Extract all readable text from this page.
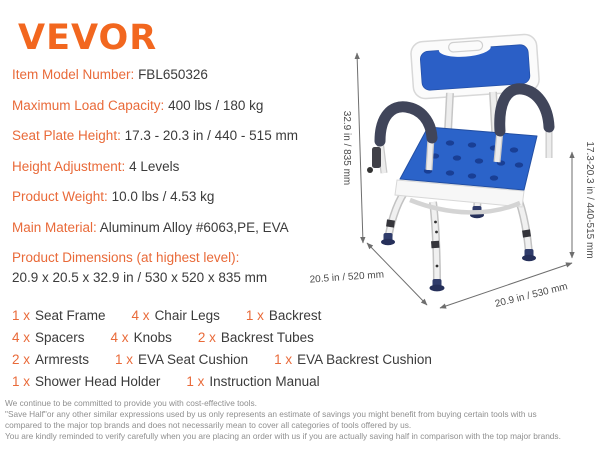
VEVOR
Item Model Number: FBL650326
Maximum Load Capacity: 400 lbs / 180 kg
Seat Plate Height: 17.3 - 20.3 in / 440 - 515 mm
Height Adjustment: 4 Levels
Product Weight: 10.0 lbs / 4.53 kg
Main Material: Aluminum Alloy #6063,PE, EVA
Product Dimensions (at highest level):
20.9 x 20.5 x 32.9 in / 530 x 520 x 835 mm
1 x Seat Frame 4 x Chair Legs 1 x Backrest
4 x Spacers 4 x Knobs 2 x Backrest Tubes
2 x Armrests 1 x EVA Seat Cushion 1 x EVA Backrest Cushion
1 x Shower Head Holder 1 x Instruction Manual
We continue to be committed to provide you with cost-effective tools.
"Save Half"or any other similar expressions used by us only represents an estimate of savings you might benefit from buying certain tools with us
compared to the major top brands and does not necessarily mean to cover all categories of tools offered by us.
You are kindly reminded to verify carefully when you are placing an order with us if you are actually saving half in comparison with the top major brands.
32.9 in / 835 mm	17.3-20.3 in / 440-515 mm
20.5 in / 520 mm
20.9 in / 530 mm
